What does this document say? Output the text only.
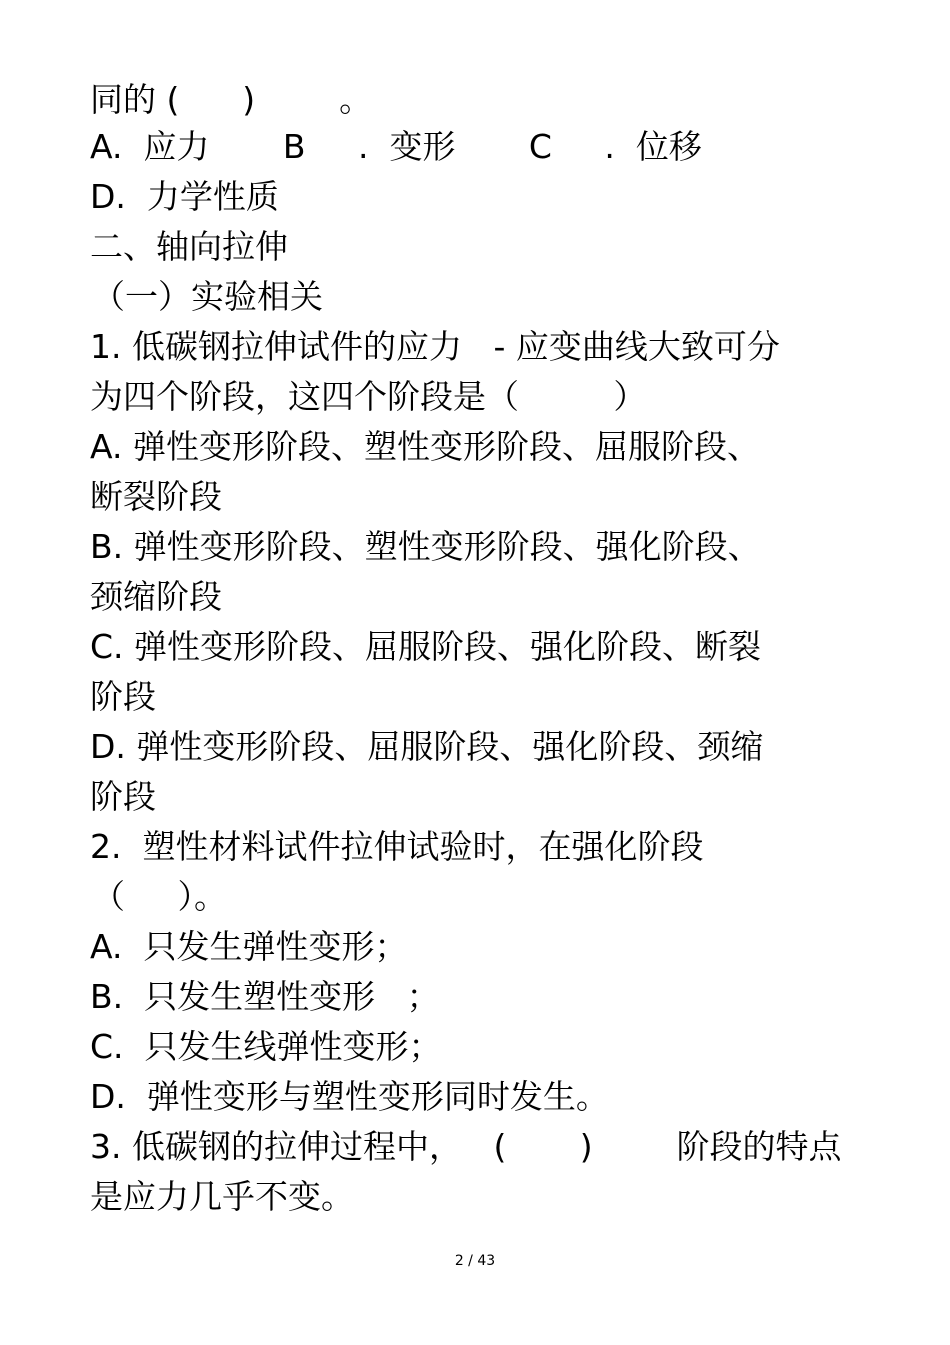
同的 (      )        。
A.  应力       B     .  变形       C     .  位移
D.  力学性质
二、轴向拉伸
（一）实验相关
1. 低碳钢拉伸试件的应力   - 应变曲线大致可分
为四个阶段，这四个阶段是（         ）
A. 弹性变形阶段、塑性变形阶段、屈服阶段、
断裂阶段
B. 弹性变形阶段、塑性变形阶段、强化阶段、
颈缩阶段
C. 弹性变形阶段、屈服阶段、强化阶段、断裂
阶段
D. 弹性变形阶段、屈服阶段、强化阶段、颈缩
阶段
2.  塑性材料试件拉伸试验时，在强化阶段
（     ）。
A.  只发生弹性变形；
B.  只发生塑性变形   ；
C.  只发生线弹性变形；
D.  弹性变形与塑性变形同时发生。
3. 低碳钢的拉伸过程中，   (       )        阶段的特点
是应力几乎不变。
2 / 43
